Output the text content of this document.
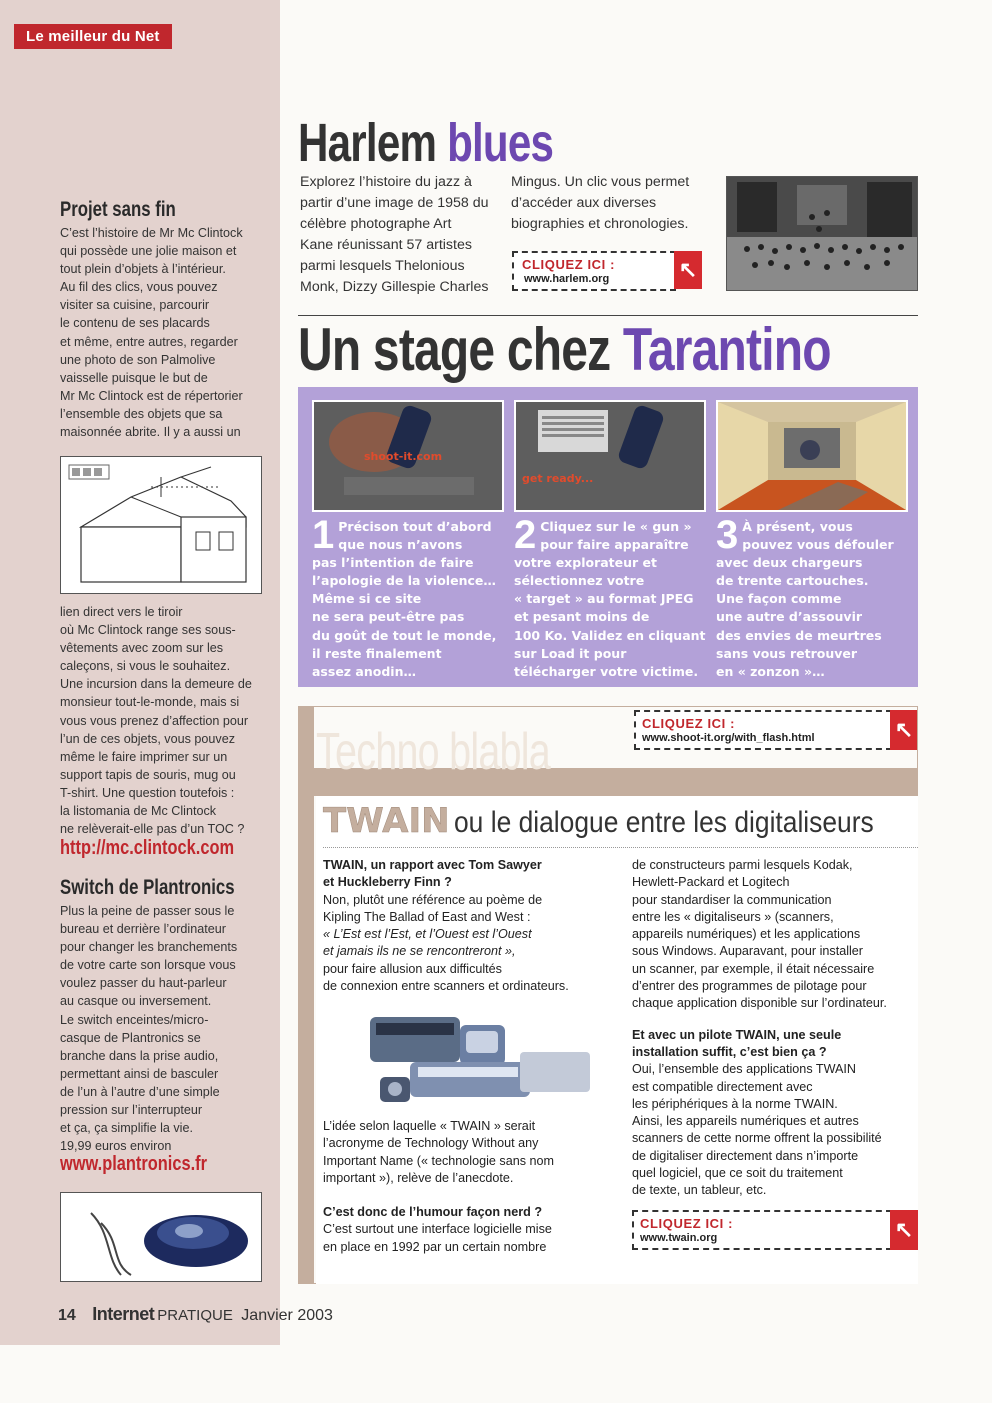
Le meilleur du Net
Projet sans fin
C’est l’histoire de Mr Mc Clintock
qui possède une jolie maison et
tout plein d’objets à l’intérieur.
Au fil des clics, vous pouvez
visiter sa cuisine, parcourir
le contenu de ses placards
et même, entre autres, regarder
une photo de son Palmolive
vaisselle puisque le but de
Mr Mc Clintock est de répertorier
l’ensemble des objets que sa
maisonnée abrite. Il y a aussi un
lien direct vers le tiroir
où Mc Clintock range ses sous-
vêtements avec zoom sur les
caleçons, si vous le souhaitez.
Une incursion dans la demeure de
monsieur tout-le-monde, mais si
vous vous prenez d’affection pour
l’un de ces objets, vous pouvez
même le faire imprimer sur un
support tapis de souris, mug ou
T-shirt. Une question toutefois :
la listomania de Mc Clintock
ne relèverait-elle pas d’un TOC ?
http://mc.clintock.com
Switch de Plantronics
Plus la peine de passer sous le
bureau et derrière l’ordinateur
pour changer les branchements
de votre carte son lorsque vous
voulez passer du haut-parleur
au casque ou inversement.
Le switch enceintes/micro-
casque de Plantronics se
branche dans la prise audio,
permettant ainsi de basculer
de l’un à l’autre d’une simple
pression sur l’interrupteur
et ça, ça simplifie la vie.
19,99 euros environ
www.plantronics.fr
Harlem blues
Explorez l’histoire du jazz à
partir d’une image de 1958 du
célèbre photographe Art
Kane réunissant 57 artistes
parmi lesquels Thelonious
Monk, Dizzy Gillespie Charles
Mingus. Un clic vous permet
d’accéder aux diverses
biographies et chronologies.
CLIQUEZ ICI :
www.harlem.org	↖
Un stage chez Tarantino
shoot-it.com
get ready...
1 Précison tout d’abord
que nous n’avons
pas l’intention de faire
l’apologie de la violence…
Même si ce site
ne sera peut-être pas
du goût de tout le monde,
il reste finalement
assez anodin…
2 Cliquez sur le « gun »
pour faire apparaître
votre explorateur et
sélectionnez votre
« target » au format JPEG
et pesant moins de
100 Ko. Validez en cliquant
sur Load it pour
télécharger votre victime.
3 À présent, vous
pouvez vous défouler
avec deux chargeurs
de trente cartouches.
Une façon comme
une autre d’assouvir
des envies de meurtres
sans vous retrouver
en « zonzon »…
CLIQUEZ ICI :
www.shoot-it.org/with_flash.html	↖
Techno blabla
TWAIN ou le dialogue entre les digitaliseurs
TWAIN, un rapport avec Tom Sawyer
et Huckleberry Finn ?
Non, plutôt une référence au poème de
Kipling The Ballad of East and West :
« L’Est est l’Est, et l’Ouest est l’Ouest
et jamais ils ne se rencontreront »,
pour faire allusion aux difficultés
de connexion entre scanners et ordinateurs.
L’idée selon laquelle « TWAIN » serait
l’acronyme de Technology Without any
Important Name (« technologie sans nom
important »), relève de l’anecdote.
C’est donc de l’humour façon nerd ?
C’est surtout une interface logicielle mise
en place en 1992 par un certain nombre
de constructeurs parmi lesquels Kodak,
Hewlett-Packard et Logitech
pour standardiser la communication
entre les « digitaliseurs » (scanners,
appareils numériques) et les applications
sous Windows. Auparavant, pour installer
un scanner, par exemple, il était nécessaire
d’entrer des programmes de pilotage pour
chaque application disponible sur l’ordinateur.
Et avec un pilote TWAIN, une seule
installation suffit, c’est bien ça ?
Oui, l’ensemble des applications TWAIN
est compatible directement avec
les périphériques à la norme TWAIN.
Ainsi, les appareils numériques et autres
scanners de cette norme offrent la possibilité
de digitaliser directement dans n’importe
quel logiciel, que ce soit du traitement
de texte, un tableur, etc.
CLIQUEZ ICI :
www.twain.org	↖
14 Internet PRATIQUE Janvier 2003
